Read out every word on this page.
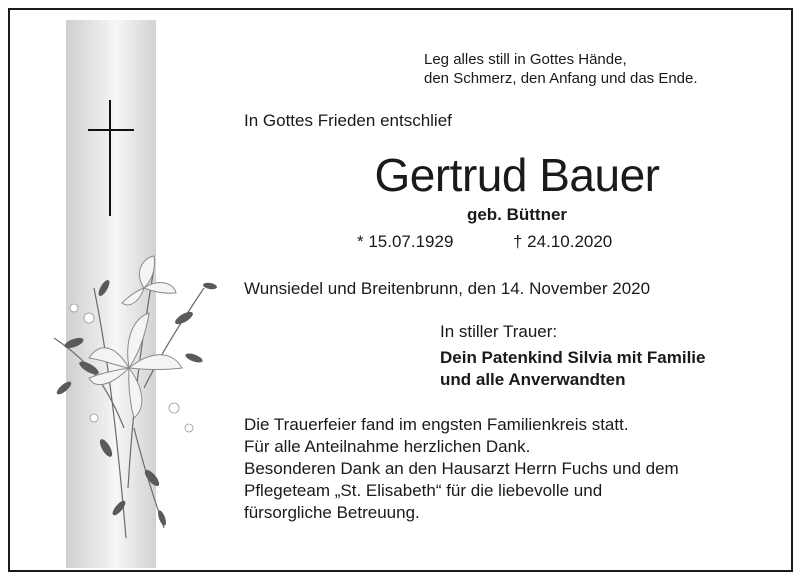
Leg alles still in Gottes Hände,
den Schmerz, den Anfang und das Ende.
In Gottes Frieden entschlief
Gertrud Bauer
geb. Büttner
* 15.07.1929	† 24.10.2020
Wunsiedel und Breitenbrunn, den 14. November 2020
In stiller Trauer:
Dein Patenkind Silvia mit Familie
und alle Anverwandten
Die Trauerfeier fand im engsten Familienkreis statt.
Für alle Anteilnahme herzlichen Dank.
Besonderen Dank an den Hausarzt Herrn Fuchs und dem
Pflegeteam „St. Elisabeth“ für die liebevolle und
fürsorgliche Betreuung.
